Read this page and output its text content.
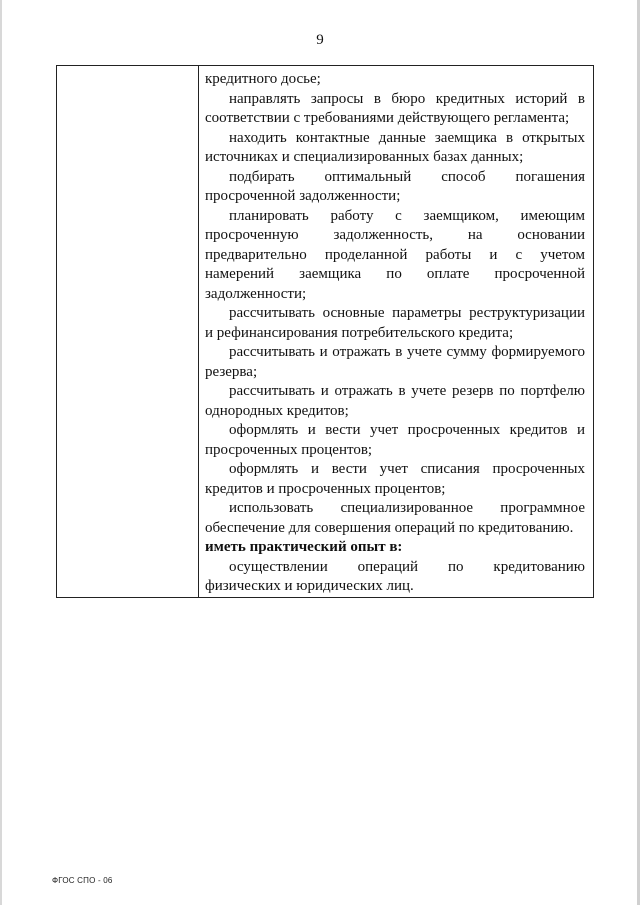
9

кредитного досье;

направлять запросы в бюро кредитных историй в соответствии с требованиями действующего регламента;

находить контактные данные заемщика в открытых источниках и специализированных базах данных;

подбирать оптимальный способ погашения просроченной задолженности;

планировать работу с заемщиком, имеющим просроченную задолженность, на основании предварительно проделанной работы и с учетом намерений заемщика по оплате просроченной задолженности;

рассчитывать основные параметры реструктуризации и рефинансирования потребительского кредита;

рассчитывать и отражать в учете сумму формируемого резерва;

рассчитывать и отражать в учете резерв по портфелю однородных кредитов;

оформлять и вести учет просроченных кредитов и просроченных процентов;

оформлять и вести учет списания просроченных кредитов и просроченных процентов;

использовать специализированное программное обеспечение для совершения операций по кредитованию.

иметь практический опыт в:

осуществлении операций по кредитованию физических и юридических лиц.

ФГОС СПО - 06
